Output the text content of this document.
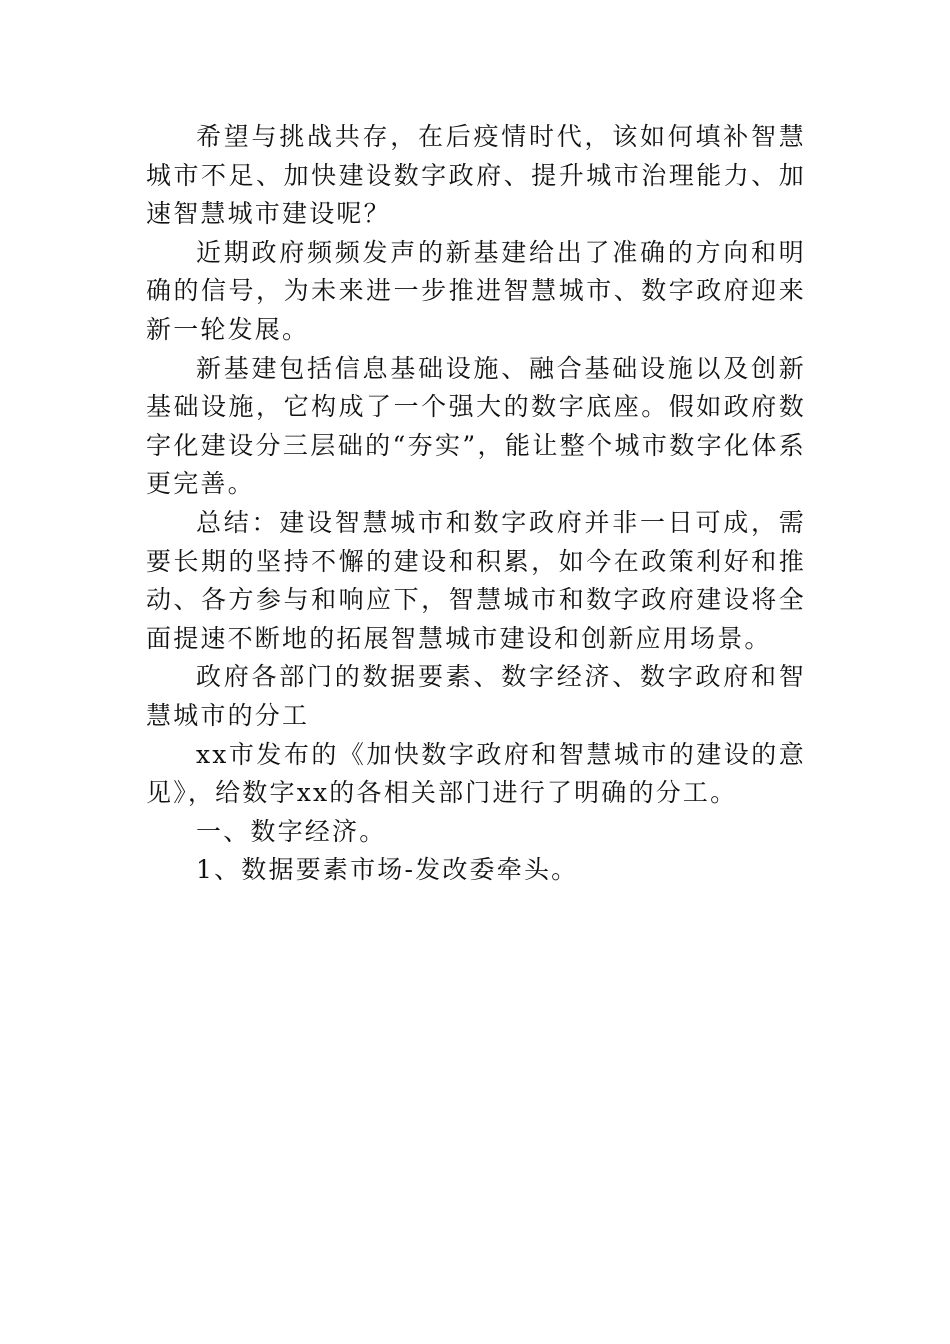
希望与挑战共存，在后疫情时代，该如何填补智慧城市不足、加快建设数字政府、提升城市治理能力、加速智慧城市建设呢？

近期政府频频发声的新基建给出了准确的方向和明确的信号，为未来进一步推进智慧城市、数字政府迎来新一轮发展。

新基建包括信息基础设施、融合基础设施以及创新基础设施，它构成了一个强大的数字底座。假如政府数字化建设分三层础的“夯实”，能让整个城市数字化体系更完善。

总结：建设智慧城市和数字政府并非一日可成，需要长期的坚持不懈的建设和积累，如今在政策利好和推动、各方参与和响应下，智慧城市和数字政府建设将全面提速不断地的拓展智慧城市建设和创新应用场景。

政府各部门的数据要素、数字经济、数字政府和智慧城市的分工

xx市发布的《加快数字政府和智慧城市的建设的意见》，给数字xx的各相关部门进行了明确的分工。

一、数字经济。

1、数据要素市场-发改委牵头。
